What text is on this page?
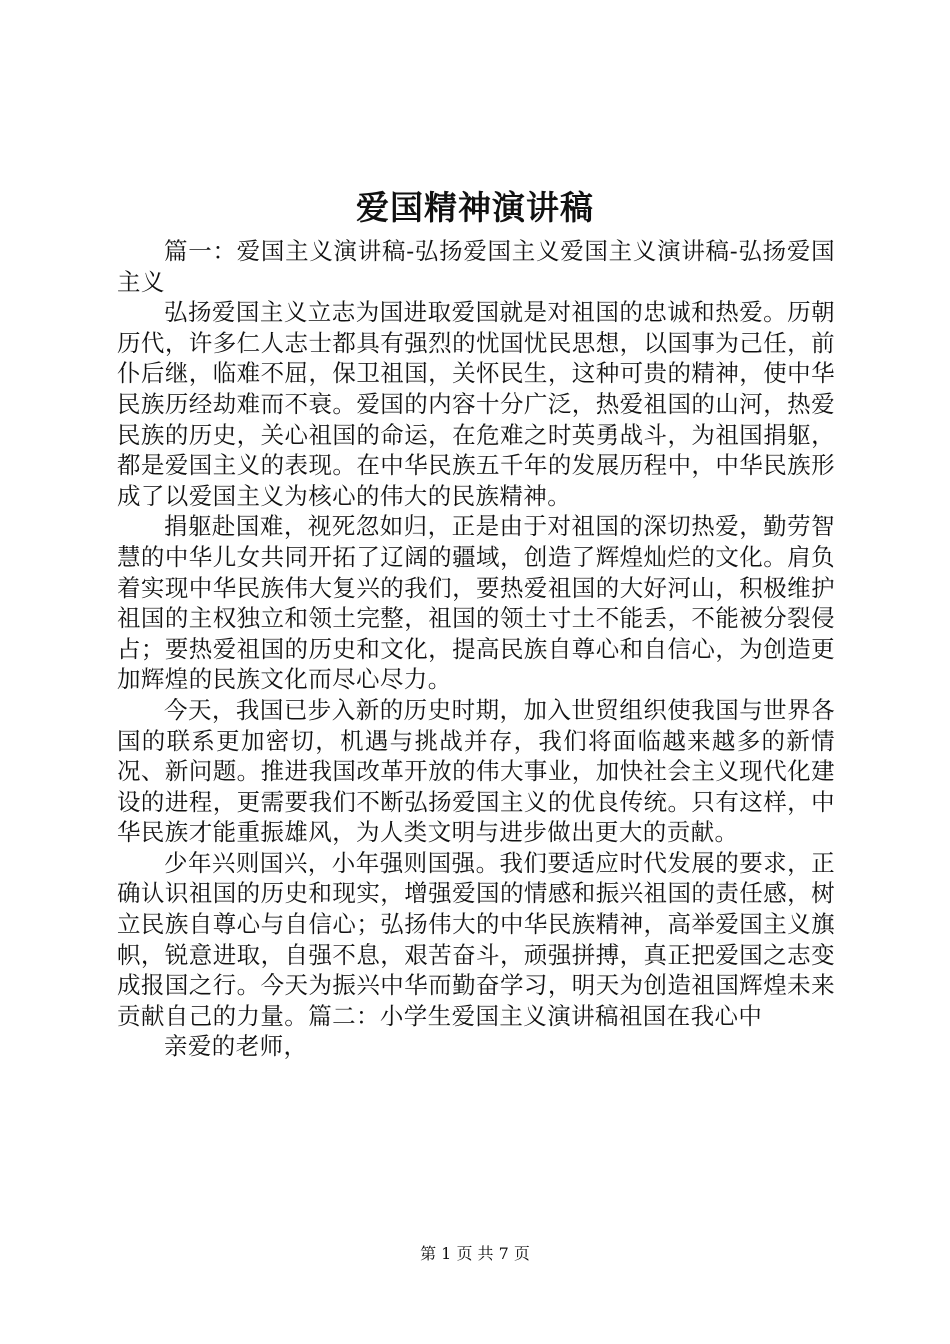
爱国精神演讲稿

篇一：爱国主义演讲稿-弘扬爱国主义爱国主义演讲稿-弘扬爱国主义

弘扬爱国主义立志为国进取爱国就是对祖国的忠诚和热爱。历朝历代，许多仁人志士都具有强烈的忧国忧民思想，以国事为己任，前仆后继，临难不屈，保卫祖国，关怀民生，这种可贵的精神，使中华民族历经劫难而不衰。爱国的内容十分广泛，热爱祖国的山河，热爱民族的历史，关心祖国的命运，在危难之时英勇战斗，为祖国捐躯，都是爱国主义的表现。在中华民族五千年的发展历程中，中华民族形成了以爱国主义为核心的伟大的民族精神。

捐躯赴国难，视死忽如归，正是由于对祖国的深切热爱，勤劳智慧的中华儿女共同开拓了辽阔的疆域，创造了辉煌灿烂的文化。肩负着实现中华民族伟大复兴的我们，要热爱祖国的大好河山，积极维护祖国的主权独立和领土完整，祖国的领土寸土不能丢，不能被分裂侵占；要热爱祖国的历史和文化，提高民族自尊心和自信心，为创造更加辉煌的民族文化而尽心尽力。

今天，我国已步入新的历史时期，加入世贸组织使我国与世界各国的联系更加密切，机遇与挑战并存，我们将面临越来越多的新情况、新问题。推进我国改革开放的伟大事业，加快社会主义现代化建设的进程，更需要我们不断弘扬爱国主义的优良传统。只有这样，中华民族才能重振雄风，为人类文明与进步做出更大的贡献。

少年兴则国兴，小年强则国强。我们要适应时代发展的要求，正确认识祖国的历史和现实，增强爱国的情感和振兴祖国的责任感，树立民族自尊心与自信心；弘扬伟大的中华民族精神，高举爱国主义旗帜，锐意进取，自强不息，艰苦奋斗，顽强拼搏，真正把爱国之志变成报国之行。今天为振兴中华而勤奋学习，明天为创造祖国辉煌未来贡献自己的力量。篇二：小学生爱国主义演讲稿祖国在我心中

亲爱的老师，

第 1 页 共 7 页
